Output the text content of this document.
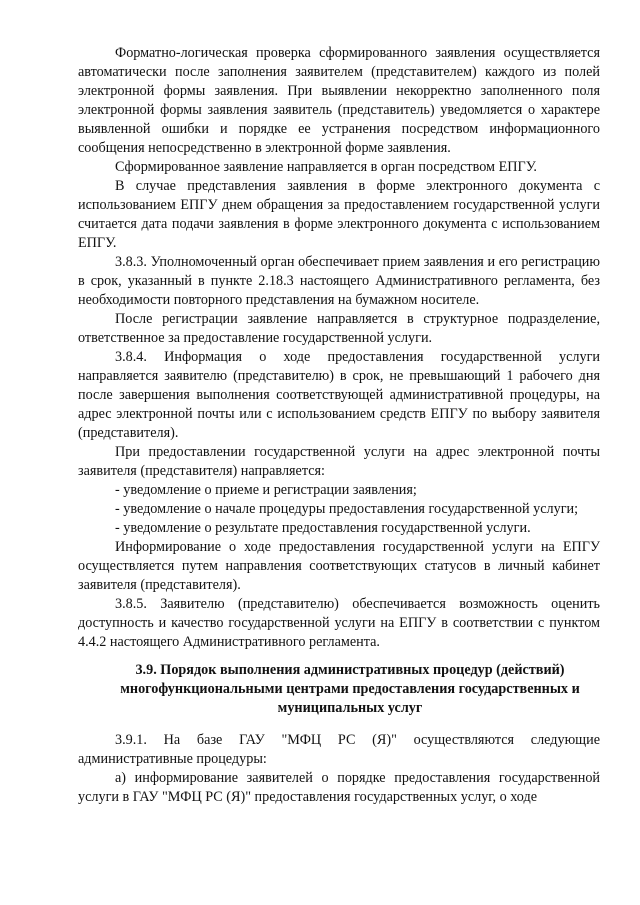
Форматно-логическая проверка сформированного заявления осуществляется автоматически после заполнения заявителем (представителем) каждого из полей электронной формы заявления. При выявлении некорректно заполненного поля электронной формы заявления заявитель (представитель) уведомляется о характере выявленной ошибки и порядке ее устранения посредством информационного сообщения непосредственно в электронной форме заявления.

Сформированное заявление направляется в орган посредством ЕПГУ.

В случае представления заявления в форме электронного документа с использованием ЕПГУ днем обращения за предоставлением государственной услуги считается дата подачи заявления в форме электронного документа с использованием ЕПГУ.

3.8.3. Уполномоченный орган обеспечивает прием заявления и его регистрацию в срок, указанный в пункте 2.18.3 настоящего Административного регламента, без необходимости повторного представления на бумажном носителе.

После регистрации заявление направляется в структурное подразделение, ответственное за предоставление государственной услуги.

3.8.4. Информация о ходе предоставления государственной услуги направляется заявителю (представителю) в срок, не превышающий 1 рабочего дня после завершения выполнения соответствующей административной процедуры, на адрес электронной почты или с использованием средств ЕПГУ по выбору заявителя (представителя).

При предоставлении государственной услуги на адрес электронной почты заявителя (представителя) направляется:

- уведомление о приеме и регистрации заявления;

- уведомление о начале процедуры предоставления государственной услуги;

- уведомление о результате предоставления государственной услуги.

Информирование о ходе предоставления государственной услуги на ЕПГУ осуществляется путем направления соответствующих статусов в личный кабинет заявителя (представителя).

3.8.5. Заявителю (представителю) обеспечивается возможность оценить доступность и качество государственной услуги на ЕПГУ в соответствии с пунктом 4.4.2 настоящего Административного регламента.

3.9. Порядок выполнения административных процедур (действий) многофункциональными центрами предоставления государственных и муниципальных услуг

3.9.1. На базе ГАУ "МФЦ РС (Я)" осуществляются следующие административные процедуры:

а) информирование заявителей о порядке предоставления государственной услуги в ГАУ "МФЦ РС (Я)" предоставления государственных услуг, о ходе
